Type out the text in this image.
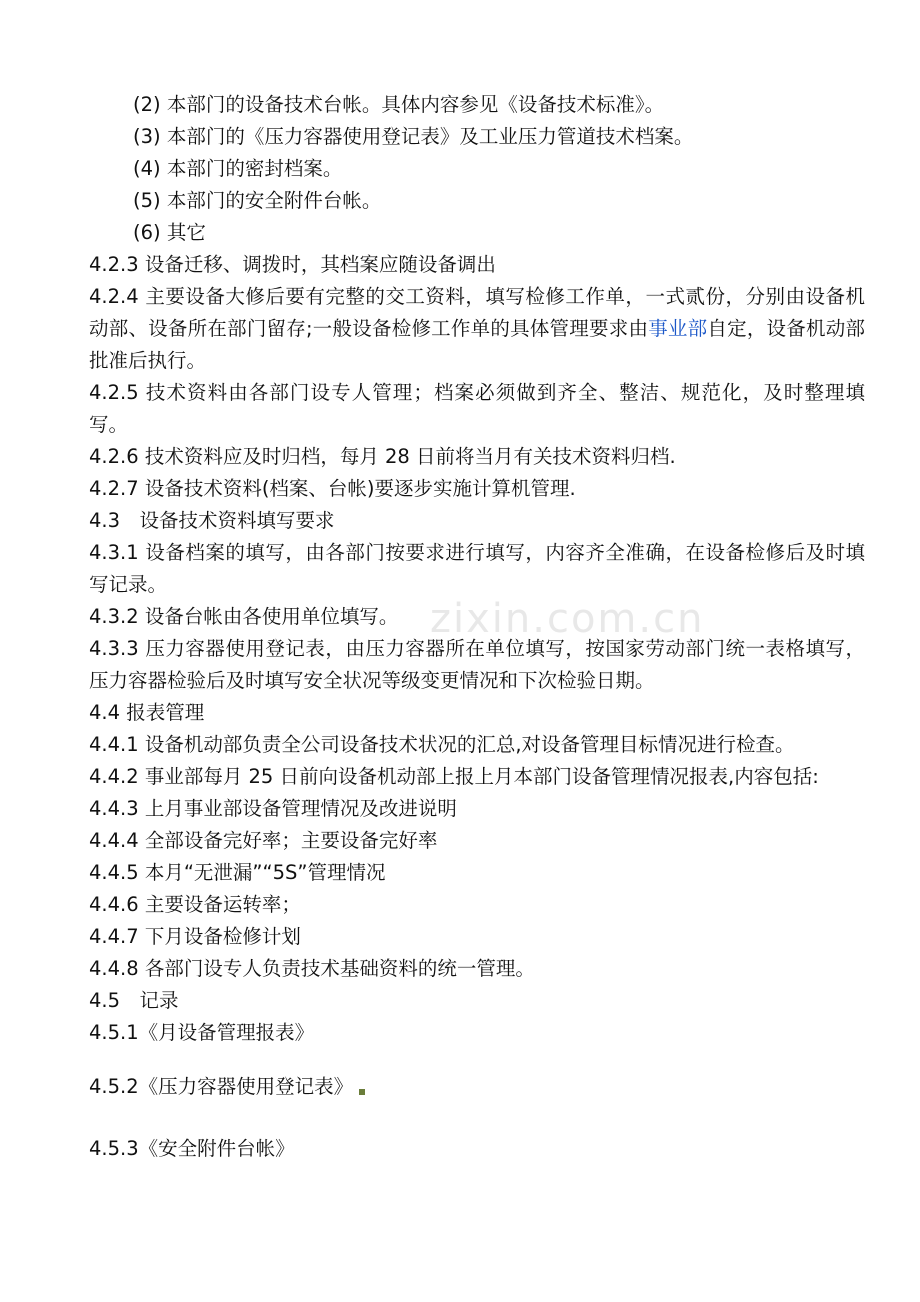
zixin.com.cn
(2) 本部门的设备技术台帐。具体内容参见《设备技术标准》。
(3) 本部门的《压力容器使用登记表》及工业压力管道技术档案。
(4) 本部门的密封档案。
(5) 本部门的安全附件台帐。
(6) 其它
4.2.3 设备迁移、调拨时，其档案应随设备调出
4.2.4 主要设备大修后要有完整的交工资料，填写检修工作单，一式贰份，分别由设备机动部、设备所在部门留存;一般设备检修工作单的具体管理要求由事业部自定，设备机动部批准后执行。
4.2.5 技术资料由各部门设专人管理；档案必须做到齐全、整洁、规范化，及时整理填写。
4.2.6 技术资料应及时归档，每月 28 日前将当月有关技术资料归档.
4.2.7 设备技术资料(档案、台帐)要逐步实施计算机管理.
4.3　设备技术资料填写要求
4.3.1 设备档案的填写，由各部门按要求进行填写，内容齐全准确，在设备检修后及时填写记录。
4.3.2 设备台帐由各使用单位填写。
4.3.3 压力容器使用登记表，由压力容器所在单位填写，按国家劳动部门统一表格填写，压力容器检验后及时填写安全状况等级变更情况和下次检验日期。
4.4 报表管理
4.4.1 设备机动部负责全公司设备技术状况的汇总,对设备管理目标情况进行检查。
4.4.2 事业部每月 25 日前向设备机动部上报上月本部门设备管理情况报表,内容包括:
4.4.3 上月事业部设备管理情况及改进说明
4.4.4 全部设备完好率；主要设备完好率
4.4.5 本月“无泄漏”“5S”管理情况
4.4.6 主要设备运转率；
4.4.7 下月设备检修计划
4.4.8 各部门设专人负责技术基础资料的统一管理。
4.5　记录
4.5.1《月设备管理报表》
4.5.2《压力容器使用登记表》
4.5.3《安全附件台帐》
